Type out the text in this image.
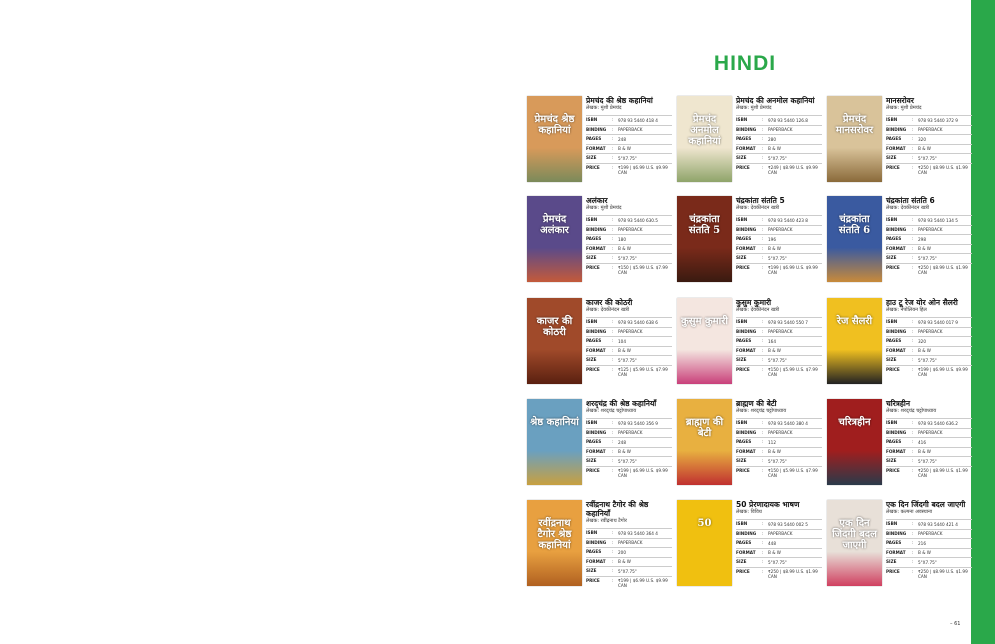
HINDI
प्रेमचंद श्रेष्ठ कहानियां
प्रेमचंद की श्रेष्ठ कहानियां
लेखक: मुंशी प्रेमचंद
ISBN	:	978 93 5440 418 4
BINDING	:	PAPERBACK
PAGES	:	248
FORMAT	:	B & W
SIZE	:	5"X7.75"
PRICE	:	₹199 | $6.99 U.S. $9.99 CAN
प्रेमचंद अनमोल कहानियां
प्रेमचंद की अनमोल कहानियां
लेखक: मुंशी प्रेमचंद
ISBN	:	978 93 5440 126.8
BINDING	:	PAPERBACK
PAGES	:	280
FORMAT	:	B & W
SIZE	:	5"X7.75"
PRICE	:	₹249 | $8.99 U.S. $9.99 CAN
प्रेमचंद मानसरोवर
मानसरोवर
लेखक: मुंशी प्रेमचंद
ISBN	:	978 93 5440 372 9
BINDING	:	PAPERBACK
PAGES	:	320
FORMAT	:	B & W
SIZE	:	5"X7.75"
PRICE	:	₹250 | $8.99 U.S. $1.99 CAN
प्रेमचंद अलंकार
अलंकार
लेखक: मुंशी प्रेमचंद
ISBN	:	978 93 5440 630.5
BINDING	:	PAPERBACK
PAGES	:	180
FORMAT	:	B & W
SIZE	:	5"X7.75"
PRICE	:	₹150 | $5.99 U.S. $7.99 CAN
चंद्रकांता संतति 5
चंद्रकांता संतति 5
लेखक: देवकीनंदन खत्री
ISBN	:	978 93 5440 423 8
BINDING	:	PAPERBACK
PAGES	:	196
FORMAT	:	B & W
SIZE	:	5"X7.75"
PRICE	:	₹199 | $6.99 U.S. $9.99 CAN
चंद्रकांता संतति 6
चंद्रकांता संतति 6
लेखक: देवकीनंदन खत्री
ISBN	:	978 93 5440 134 5
BINDING	:	PAPERBACK
PAGES	:	298
FORMAT	:	B & W
SIZE	:	5"X7.75"
PRICE	:	₹250 | $8.99 U.S. $1.99 CAN
काजर की कोठरी
काजर की कोठरी
लेखक: देवकीनंदन खत्री
ISBN	:	978 93 5440 638 6
BINDING	:	PAPERBACK
PAGES	:	104
FORMAT	:	B & W
SIZE	:	5"X7.75"
PRICE	:	₹125 | $5.99 U.S. $7.99 CAN
कुसुम कुमारी
कुसुम कुमारी
लेखक: देवकीनंदन खत्री
ISBN	:	978 93 5440 550 7
BINDING	:	PAPERBACK
PAGES	:	164
FORMAT	:	B & W
SIZE	:	5"X7.75"
PRICE	:	₹150 | $5.99 U.S. $7.99 CAN
रेज सैलरी
हाउ टू रेज योर ओन सैलरी
लेखक: नेपोलियन हिल
ISBN	:	978 93 5440 017 9
BINDING	:	PAPERBACK
PAGES	:	320
FORMAT	:	B & W
SIZE	:	5"X7.75"
PRICE	:	₹199 | $6.99 U.S. $9.99 CAN
श्रेष्ठ कहानियां
शरद्चंद्र की श्रेष्ठ कहानियाँ
लेखक: शरद्चंद्र चट्टोपाध्याय
ISBN	:	978 93 5440 356 9
BINDING	:	PAPERBACK
PAGES	:	248
FORMAT	:	B & W
SIZE	:	5"X7.75"
PRICE	:	₹199 | $6.99 U.S. $9.99 CAN
ब्राह्मण की बेटी
ब्राह्मण की बेटी
लेखक: शरद्चंद्र चट्टोपाध्याय
ISBN	:	978 93 5440 380 4
BINDING	:	PAPERBACK
PAGES	:	112
FORMAT	:	B & W
SIZE	:	5"X7.75"
PRICE	:	₹150 | $5.99 U.S. $7.99 CAN
चरित्रहीन
चरित्रहीन
लेखक: शरद्चंद्र चट्टोपाध्याय
ISBN	:	978 93 5440 636.2
BINDING	:	PAPERBACK
PAGES	:	416
FORMAT	:	B & W
SIZE	:	5"X7.75"
PRICE	:	₹250 | $8.99 U.S. $1.99 CAN
रवींद्रनाथ टैगोर श्रेष्ठ कहानियां
रवींद्रनाथ टैगोर की श्रेष्ठ कहानियाँ
लेखक: रवींद्रनाथ टैगोर
ISBN	:	978 93 5440 364 4
BINDING	:	PAPERBACK
PAGES	:	200
FORMAT	:	B & W
SIZE	:	5"X7.75"
PRICE	:	₹199 | $6.99 U.S. $9.99 CAN
50
50 प्रेरणादायक भाषण
लेखक: विविध
ISBN	:	978 93 5440 002 5
BINDING	:	PAPERBACK
PAGES	:	448
FORMAT	:	B & W
SIZE	:	5"X7.75"
PRICE	:	₹250 | $8.99 U.S. $1.99 CAN
एक दिन जिंदगी बदल जाएगी
एक दिन जिंदगी बदल जाएगी
लेखक: कल्पना अवस्थाना
ISBN	:	978 93 5440 421 4
BINDING	:	PAPERBACK
PAGES	:	216
FORMAT	:	B & W
SIZE	:	5"X7.75"
PRICE	:	₹250 | $8.99 U.S. $1.99 CAN
– 61
